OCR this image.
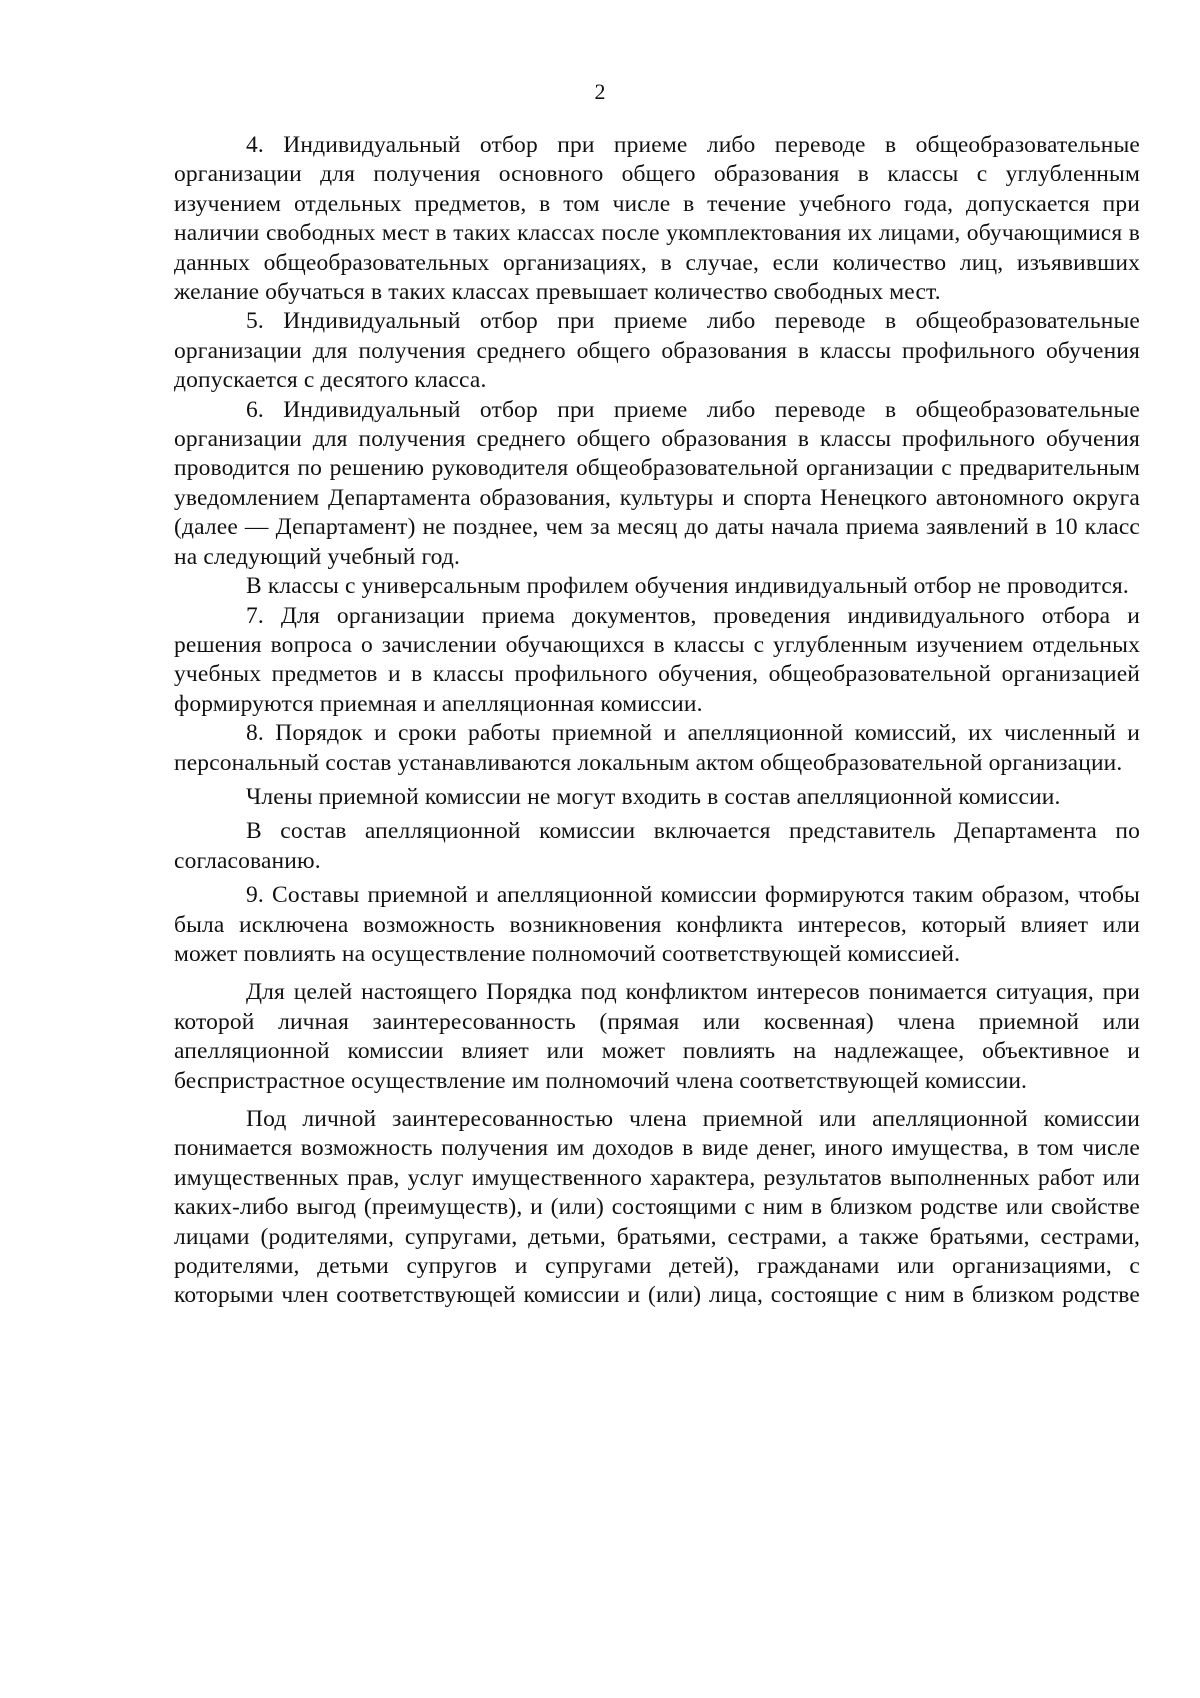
2

4. Индивидуальный отбор при приеме либо переводе в общеобразовательные организации для получения основного общего образования в классы с углубленным изучением отдельных предметов, в том числе в течение учебного года, допускается при наличии свободных мест в таких классах после укомплектования их лицами, обучающимися в данных общеобразовательных организациях, в случае, если количество лиц, изъявивших желание обучаться в таких классах превышает количество свободных мест.

5. Индивидуальный отбор при приеме либо переводе в общеобразовательные организации для получения среднего общего образования в классы профильного обучения допускается с десятого класса.

6. Индивидуальный отбор при приеме либо переводе в общеобразовательные организации для получения среднего общего образования в классы профильного обучения проводится по решению руководителя общеобразовательной организации с предварительным уведомлением Департамента образования, культуры и спорта Ненецкого автономного округа (далее — Департамент) не позднее, чем за месяц до даты начала приема заявлений в 10 класс на следующий учебный год.

В классы с универсальным профилем обучения индивидуальный отбор не проводится.

7. Для организации приема документов, проведения индивидуального отбора и решения вопроса о зачислении обучающихся в классы с углубленным изучением отдельных учебных предметов и в классы профильного обучения, общеобразовательной организацией формируются приемная и апелляционная комиссии.

8. Порядок и сроки работы приемной и апелляционной комиссий, их численный и персональный состав устанавливаются локальным актом общеобразовательной организации.

Члены приемной комиссии не могут входить в состав апелляционной комиссии.

В состав апелляционной комиссии включается представитель Департамента по согласованию.

9. Составы приемной и апелляционной комиссии формируются таким образом, чтобы была исключена возможность возникновения конфликта интересов, который влияет или может повлиять на осуществление полномочий соответствующей комиссией.

Для целей настоящего Порядка под конфликтом интересов понимается ситуация, при которой личная заинтересованность (прямая или косвенная) члена приемной или апелляционной комиссии влияет или может повлиять на надлежащее, объективное и беспристрастное осуществление им полномочий члена соответствующей комиссии.

Под личной заинтересованностью члена приемной или апелляционной комиссии понимается возможность получения им доходов в виде денег, иного имущества, в том числе имущественных прав, услуг имущественного характера, результатов выполненных работ или каких-либо выгод (преимуществ), и (или) состоящими с ним в близком родстве или свойстве лицами (родителями, супругами, детьми, братьями, сестрами, а также братьями, сестрами, родителями, детьми супругов и супругами детей), гражданами или организациями, с которыми член соответствующей комиссии и (или) лица, состоящие с ним в близком родстве
